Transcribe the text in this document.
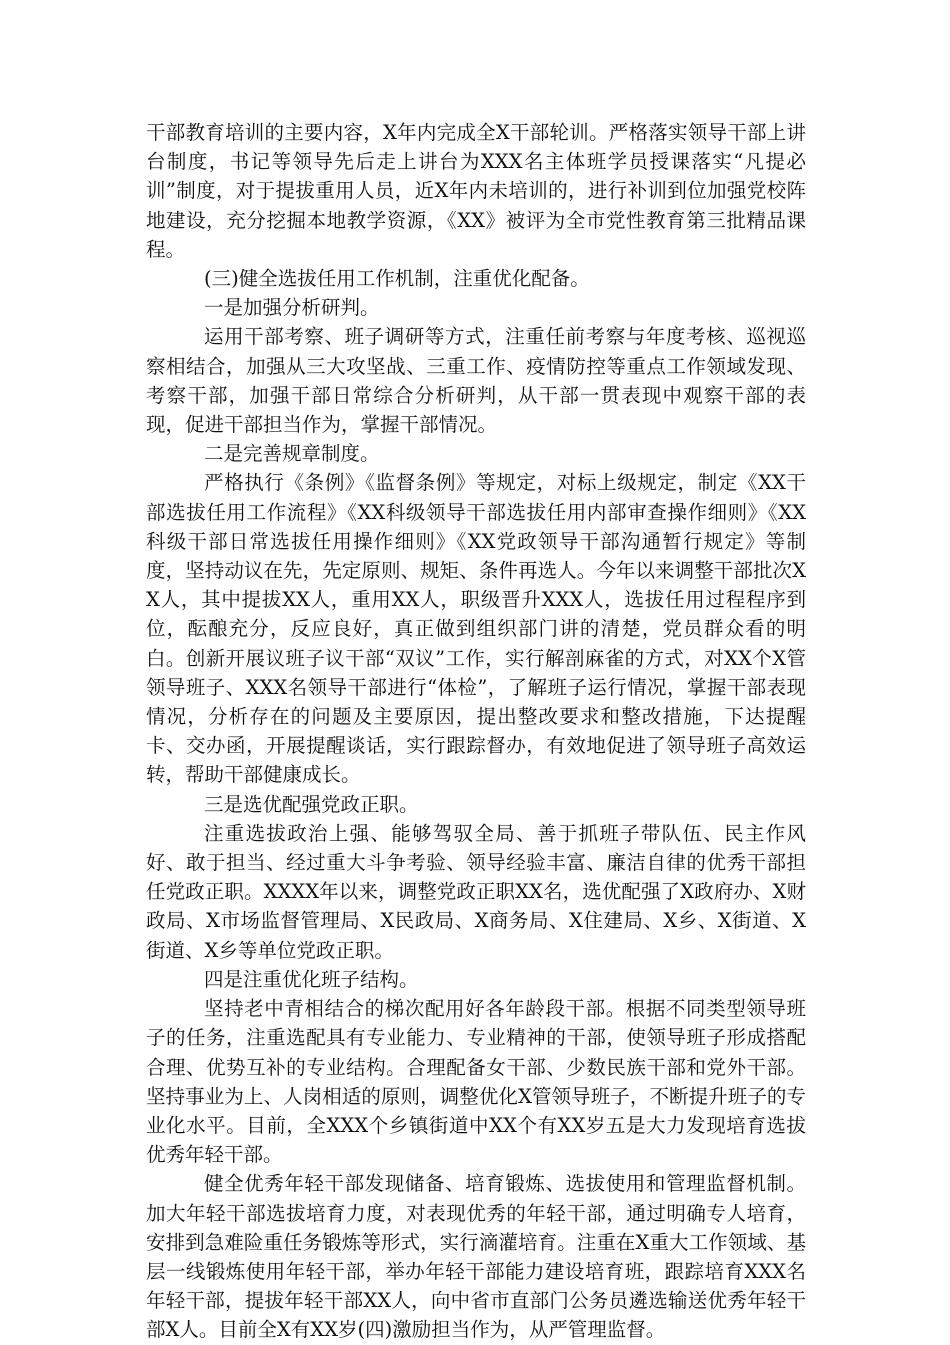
干部教育培训的主要内容，X年内完成全X干部轮训。严格落实领导干部上讲台制度，书记等领导先后走上讲台为XXX名主体班学员授课落实“凡提必训”制度，对于提拔重用人员，近X年内未培训的，进行补训到位加强党校阵地建设，充分挖掘本地教学资源，《XX》被评为全市党性教育第三批精品课程。

(三)健全选拔任用工作机制，注重优化配备。

一是加强分析研判。

运用干部考察、班子调研等方式，注重任前考察与年度考核、巡视巡察相结合，加强从三大攻坚战、三重工作、疫情防控等重点工作领域发现、考察干部，加强干部日常综合分析研判，从干部一贯表现中观察干部的表现，促进干部担当作为，掌握干部情况。

二是完善规章制度。

严格执行《条例》《监督条例》等规定，对标上级规定，制定《XX干部选拔任用工作流程》《XX科级领导干部选拔任用内部审查操作细则》《XX科级干部日常选拔任用操作细则》《XX党政领导干部沟通暂行规定》等制度，坚持动议在先，先定原则、规矩、条件再选人。今年以来调整干部批次XX人，其中提拔XX人，重用XX人，职级晋升XXX人，选拔任用过程程序到位，酝酿充分，反应良好，真正做到组织部门讲的清楚，党员群众看的明白。创新开展议班子议干部“双议”工作，实行解剖麻雀的方式，对XX个X管领导班子、XXX名领导干部进行“体检”，了解班子运行情况，掌握干部表现情况，分析存在的问题及主要原因，提出整改要求和整改措施，下达提醒卡、交办函，开展提醒谈话，实行跟踪督办，有效地促进了领导班子高效运转，帮助干部健康成长。

三是选优配强党政正职。

注重选拔政治上强、能够驾驭全局、善于抓班子带队伍、民主作风好、敢于担当、经过重大斗争考验、领导经验丰富、廉洁自律的优秀干部担任党政正职。XXXX年以来，调整党政正职XX名，选优配强了X政府办、X财政局、X市场监督管理局、X民政局、X商务局、X住建局、X乡、X街道、X街道、X乡等单位党政正职。

四是注重优化班子结构。

坚持老中青相结合的梯次配用好各年龄段干部。根据不同类型领导班子的任务，注重选配具有专业能力、专业精神的干部，使领导班子形成搭配合理、优势互补的专业结构。合理配备女干部、少数民族干部和党外干部。坚持事业为上、人岗相适的原则，调整优化X管领导班子，不断提升班子的专业化水平。目前，全XXX个乡镇街道中XX个有XX岁五是大力发现培育选拔优秀年轻干部。

健全优秀年轻干部发现储备、培育锻炼、选拔使用和管理监督机制。加大年轻干部选拔培育力度，对表现优秀的年轻干部，通过明确专人培育，安排到急难险重任务锻炼等形式，实行滴灌培育。注重在X重大工作领域、基层一线锻炼使用年轻干部，举办年轻干部能力建设培育班，跟踪培育XXX名年轻干部，提拔年轻干部XX人，向中省市直部门公务员遴选输送优秀年轻干部X人。目前全X有XX岁(四)激励担当作为，从严管理监督。
